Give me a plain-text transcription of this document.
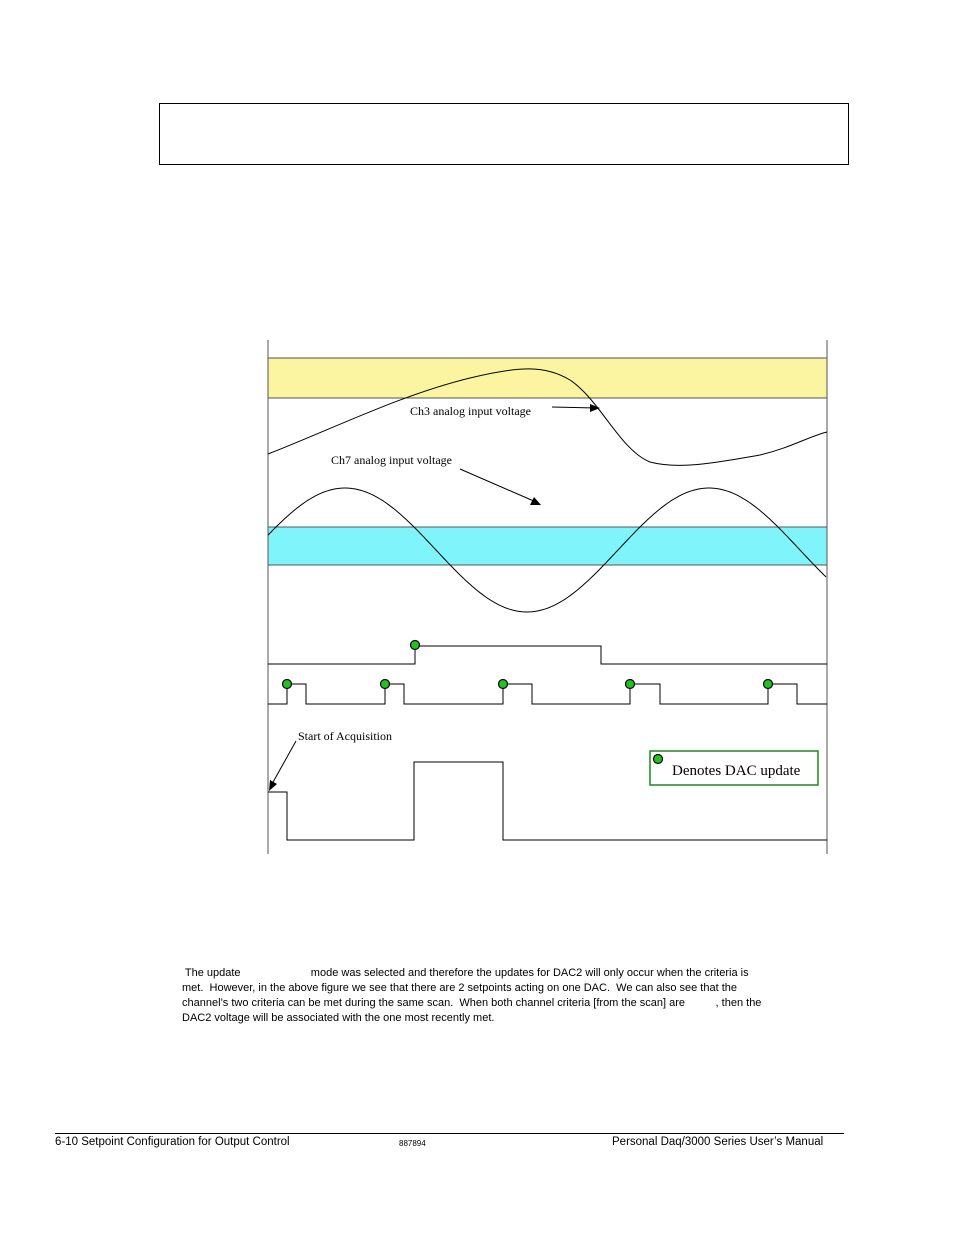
Ch3 analog input voltage
Ch7 analog input voltage
Start of Acquisition
Denotes DAC update
The update                       mode was selected and therefore the updates for DAC2 will only occur when the criteria is
met.  However, in the above figure we see that there are 2 setpoints acting on one DAC.  We can also see that the
channel’s two criteria can be met during the same scan.  When both channel criteria [from the scan] are          , then the
DAC2 voltage will be associated with the one most recently met.
6-10 Setpoint Configuration for Output Control	887894	Personal Daq/3000 Series User’s Manual
